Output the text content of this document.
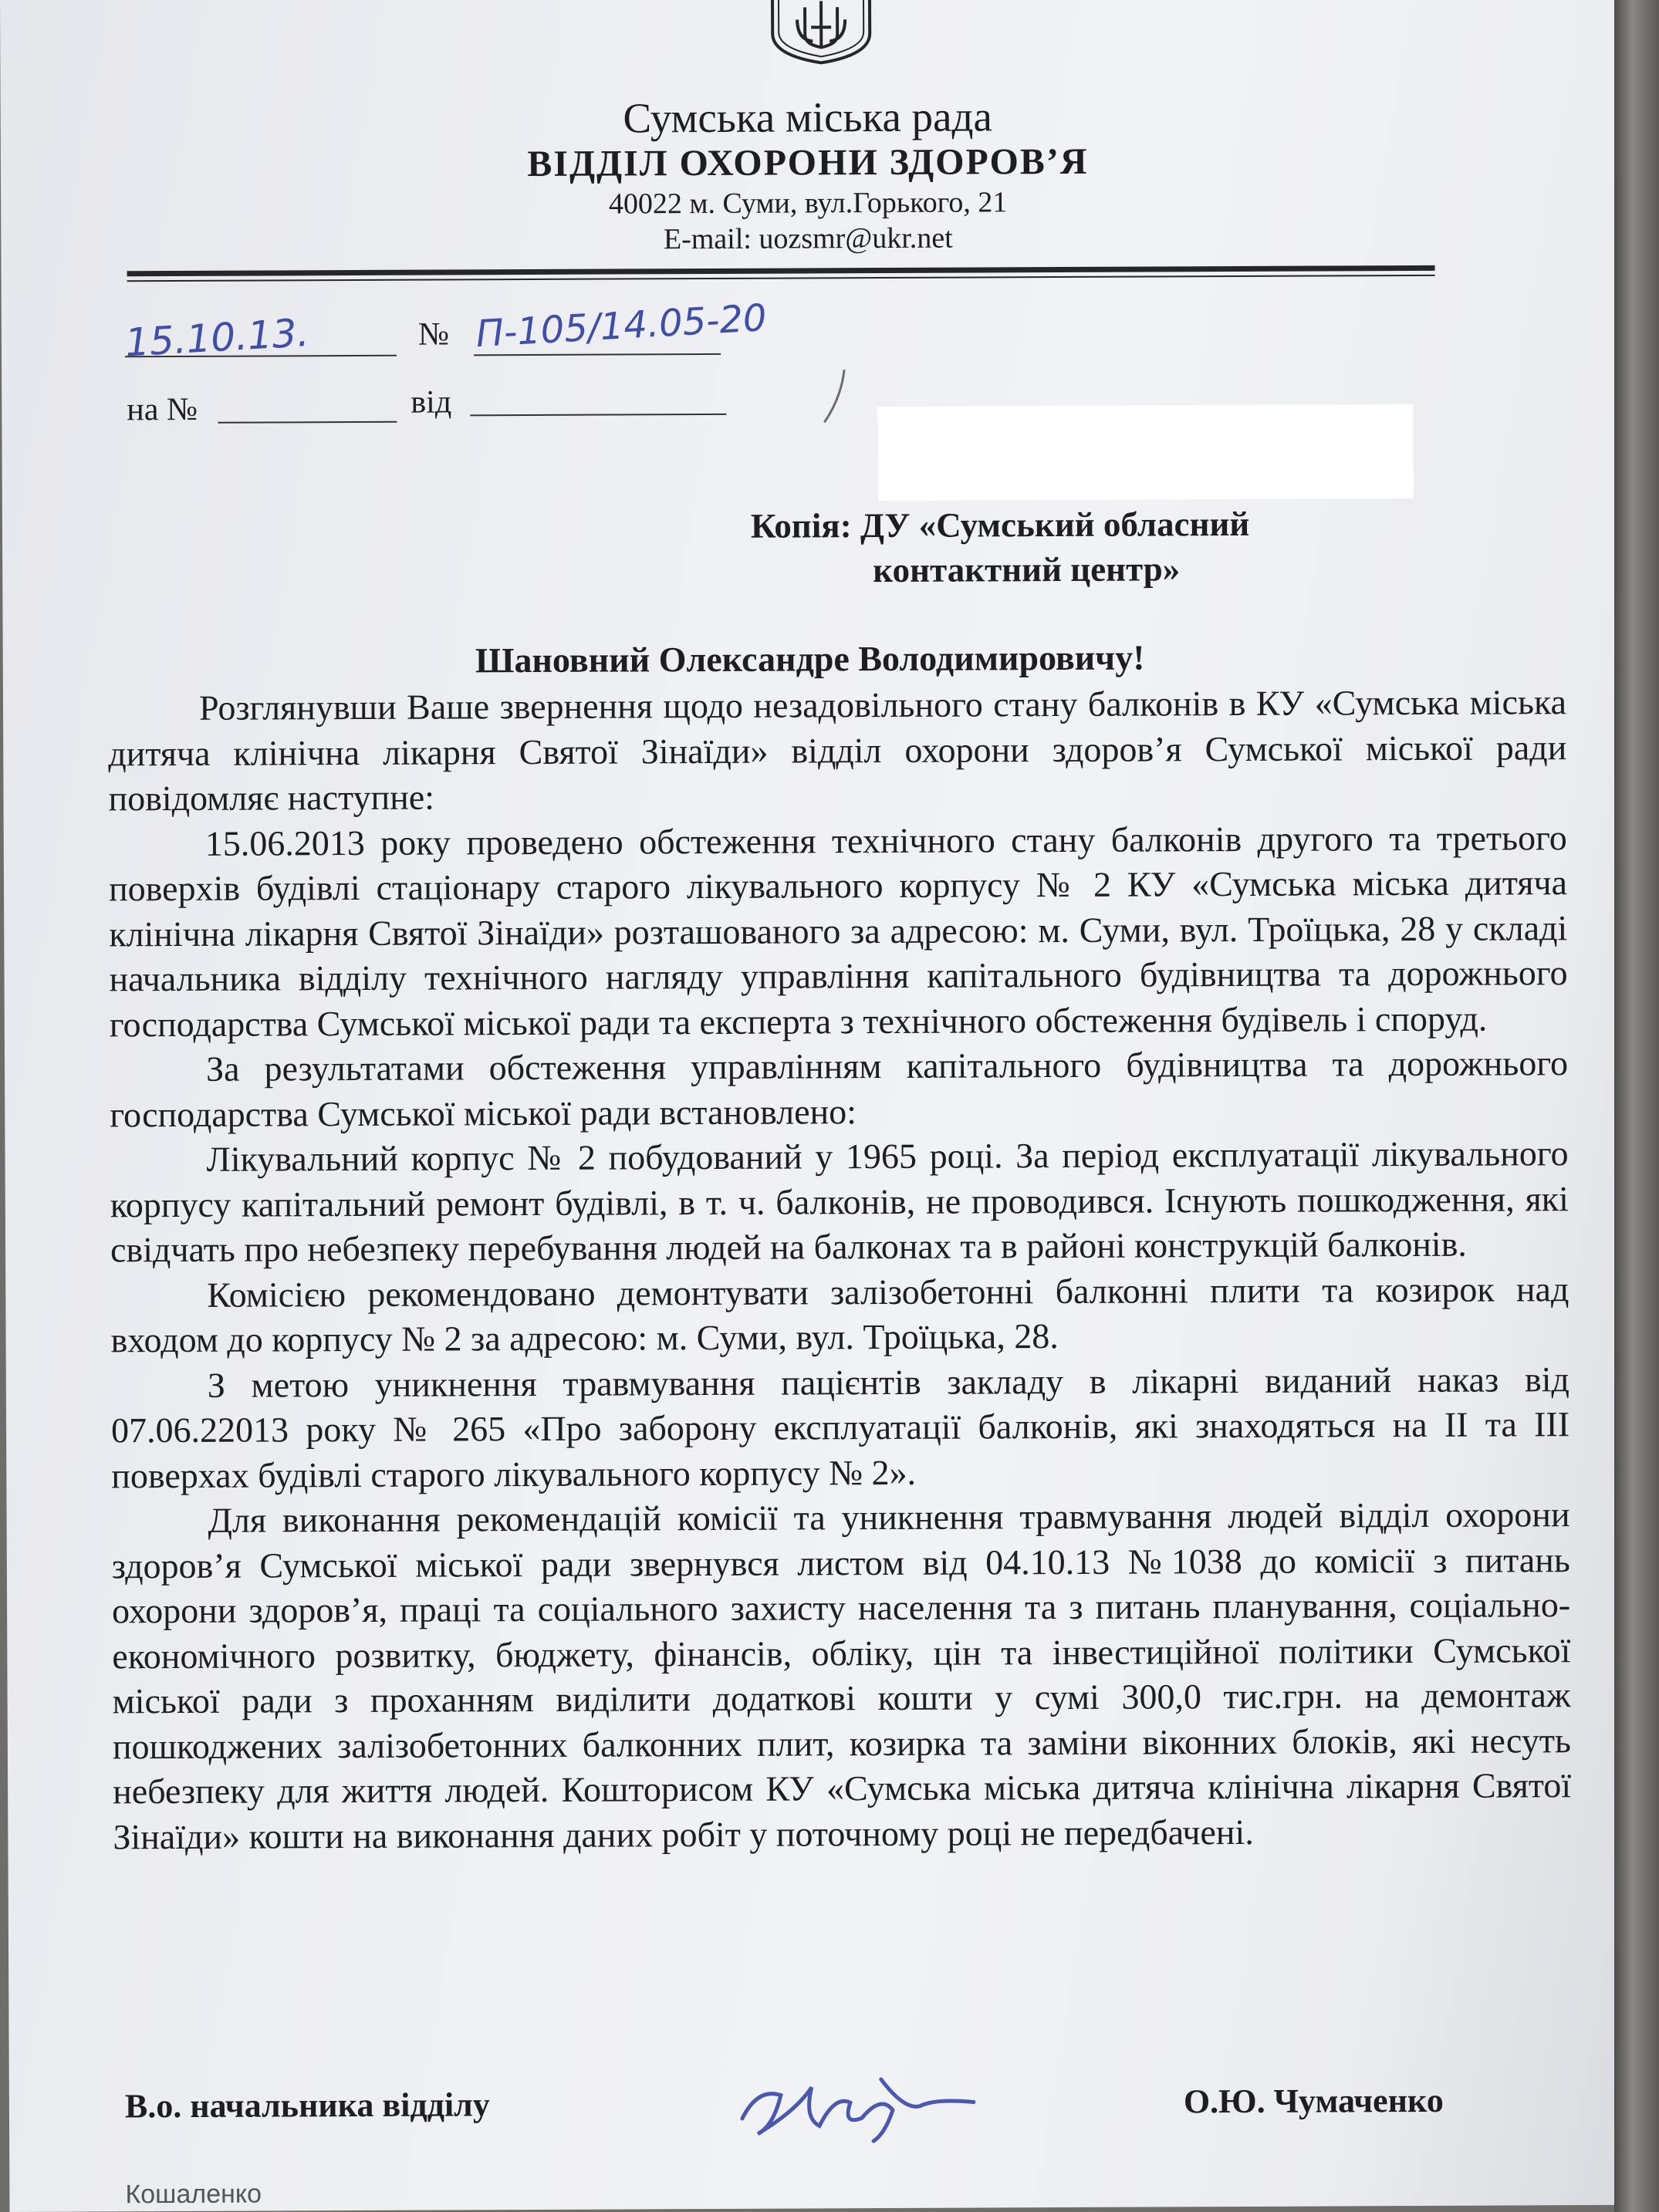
Сумська міська рада
ВІДДІЛ ОХОРОНИ ЗДОРОВ’Я
40022 м. Суми, вул.Горького, 21
E-mail: uozsmr@ukr.net
15.10.13.	№ П-105/14.05-20
на №	від
Копія: ДУ «Сумський обласний
контактний центр»
Шановний Олександре Володимировичу!

Розглянувши Ваше звернення щодо незадовільного стану балконів в КУ «Сумська міська дитяча клінічна лікарня Святої Зінаїди» відділ охорони здоров’я Сумської міської ради повідомляє наступне:

15.06.2013 року проведено обстеження технічного стану балконів другого та третього поверхів будівлі стаціонару старого лікувального корпусу № 2 КУ «Сумська міська дитяча клінічна лікарня Святої Зінаїди» розташованого за адресою: м. Суми, вул. Троїцька, 28 у складі начальника відділу технічного нагляду управління капітального будівництва та дорожнього господарства Сумської міської ради та експерта з технічного обстеження будівель і споруд.

За результатами обстеження управлінням капітального будівництва та дорожнього господарства Сумської міської ради встановлено:

Лікувальний корпус № 2 побудований у 1965 році. За період експлуатації лікувального корпусу капітальний ремонт будівлі, в т. ч. балконів, не проводився. Існують пошкодження, які свідчать про небезпеку перебування людей на балконах та в районі конструкцій балконів.

Комісією рекомендовано демонтувати залізобетонні балконні плити та козирок над входом до корпусу № 2 за адресою: м. Суми, вул. Троїцька, 28.

З метою уникнення травмування пацієнтів закладу в лікарні виданий наказ від 07.06.22013 року № 265 «Про заборону експлуатації балконів, які знаходяться на ІІ та ІІІ поверхах будівлі старого лікувального корпусу № 2».

Для виконання рекомендацій комісії та уникнення травмування людей відділ охорони здоров’я Сумської міської ради звернувся листом від 04.10.13 №1038 до комісії з питань охорони здоров’я, праці та соціального захисту населення та з питань планування, соціально-економічного розвитку, бюджету, фінансів, обліку, цін та інвестиційної політики Сумської міської ради з проханням виділити додаткові кошти у сумі 300,0 тис.грн. на демонтаж пошкоджених залізобетонних балконних плит, козирка та заміни віконних блоків, які несуть небезпеку для життя людей. Кошторисом КУ «Сумська міська дитяча клінічна лікарня Святої Зінаїди» кошти на виконання даних робіт у поточному році не передбачені.

В.о. начальника відділу	О.Ю. Чумаченко
Кошаленко
